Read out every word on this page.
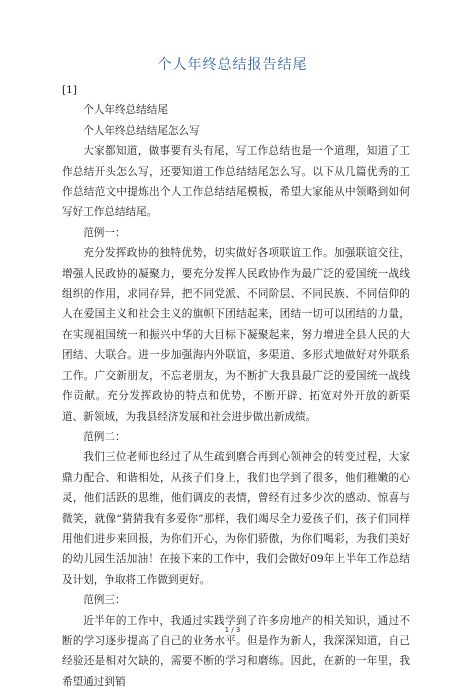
个人年终总结报告结尾

[1]

个人年终总结结尾

个人年终总结结尾怎么写

大家都知道，做事要有头有尾，写工作总结也是一个道理，知道了工作总结开头怎么写，还要知道工作总结结尾怎么写。以下从几篇优秀的工作总结范文中提炼出个人工作总结结尾模板，希望大家能从中领略到如何写好工作总结结尾。

范例一：

充分发挥政协的独特优势，切实做好各项联谊工作。加强联谊交往，增强人民政协的凝聚力，要充分发挥人民政协作为最广泛的爱国统一战线组织的作用，求同存异，把不同党派、不同阶层、不同民族、不同信仰的人在爱国主义和社会主义的旗帜下团结起来，团结一切可以团结的力量，在实现祖国统一和振兴中华的大目标下凝聚起来，努力增进全县人民的大团结、大联合。进一步加强海内外联谊，多渠道、多形式地做好对外联系工作。广交新朋友，不忘老朋友，为不断扩大我县最广泛的爱国统一战线作贡献。充分发挥政协的特点和优势，不断开辟、拓宽对外开放的新渠道、新领域，为我县经济发展和社会进步做出新成绩。

范例二：

我们三位老师也经过了从生疏到磨合再到心领神会的转变过程，大家鼎力配合、和谐相处，从孩子们身上，我们也学到了很多，他们稚嫩的心灵，他们活跃的思维，他们调皮的表情，曾经有过多少次的感动、惊喜与微笑，就像“猜猜我有多爱你”那样，我们竭尽全力爱孩子们，孩子们同样用他们进步来回报，为你们开心，为你们骄傲，为你们喝彩，为我们美好的幼儿园生活加油！在接下来的工作中，我们会做好09年上半年工作总结及计划，争取将工作做到更好。

范例三：

近半年的工作中，我通过实践学到了许多房地产的相关知识，通过不断的学习逐步提高了自己的业务水平。但是作为新人，我深深知道，自己经验还是相对欠缺的，需要不断的学习和磨练。因此，在新的一年里，我希望通过到销

1 / 3
